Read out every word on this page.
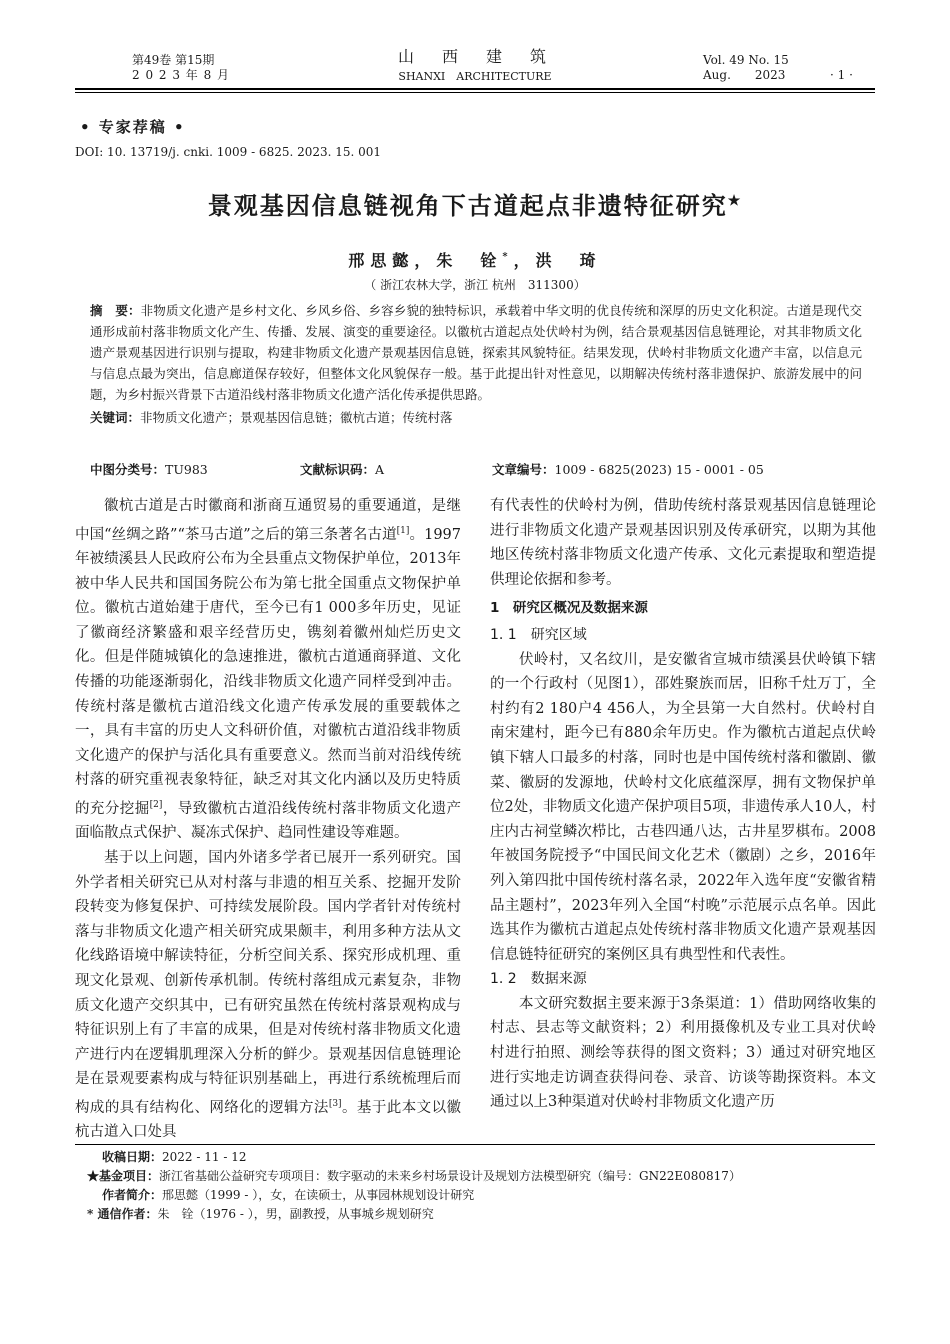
第49卷 第15期
2 0 2 3 年 8 月
山　西　建　筑
SHANXI　ARCHITECTURE
Vol. 49 No. 15
Aug.　　2023	· 1 ·
• 专家荐稿 •
DOI: 10. 13719/j. cnki. 1009 - 6825. 2023. 15. 001
景观基因信息链视角下古道起点非遗特征研究★
邢思懿，朱　铨*，洪　琦
（ 浙江农林大学，浙江 杭州　311300）
摘　要：非物质文化遗产是乡村文化、乡风乡俗、乡容乡貌的独特标识，承载着中华文明的优良传统和深厚的历史文化积淀。古道是现代交通形成前村落非物质文化产生、传播、发展、演变的重要途径。以徽杭古道起点处伏岭村为例，结合景观基因信息链理论，对其非物质文化遗产景观基因进行识别与提取，构建非物质文化遗产景观基因信息链，探索其风貌特征。结果发现，伏岭村非物质文化遗产丰富，以信息元与信息点最为突出，信息廊道保存较好，但整体文化风貌保存一般。基于此提出针对性意见，以期解决传统村落非遗保护、旅游发展中的问题，为乡村振兴背景下古道沿线村落非物质文化遗产活化传承提供思路。
关键词：非物质文化遗产；景观基因信息链；徽杭古道；传统村落
中图分类号：TU983	文献标识码：A	文章编号：1009 - 6825(2023) 15 - 0001 - 05

徽杭古道是古时徽商和浙商互通贸易的重要通道，是继中国“丝绸之路”“茶马古道”之后的第三条著名古道[1]。1997年被绩溪县人民政府公布为全县重点文物保护单位，2013年被中华人民共和国国务院公布为第七批全国重点文物保护单位。徽杭古道始建于唐代，至今已有1 000多年历史，见证了徽商经济繁盛和艰辛经营历史，镌刻着徽州灿烂历史文化。但是伴随城镇化的急速推进，徽杭古道通商驿道、文化传播的功能逐渐弱化，沿线非物质文化遗产同样受到冲击。传统村落是徽杭古道沿线文化遗产传承发展的重要载体之一，具有丰富的历史人文科研价值，对徽杭古道沿线非物质文化遗产的保护与活化具有重要意义。然而当前对沿线传统村落的研究重视表象特征，缺乏对其文化内涵以及历史特质的充分挖掘[2]，导致徽杭古道沿线传统村落非物质文化遗产面临散点式保护、凝冻式保护、趋同性建设等难题。

基于以上问题，国内外诸多学者已展开一系列研究。国外学者相关研究已从对村落与非遗的相互关系、挖掘开发阶段转变为修复保护、可持续发展阶段。国内学者针对传统村落与非物质文化遗产相关研究成果颇丰，利用多种方法从文化线路语境中解读特征，分析空间关系、探究形成机理、重现文化景观、创新传承机制。传统村落组成元素复杂，非物质文化遗产交织其中，已有研究虽然在传统村落景观构成与特征识别上有了丰富的成果，但是对传统村落非物质文化遗产进行内在逻辑肌理深入分析的鲜少。景观基因信息链理论是在景观要素构成与特征识别基础上，再进行系统梳理后而构成的具有结构化、网络化的逻辑方法[3]。基于此本文以徽杭古道入口处具

有代表性的伏岭村为例，借助传统村落景观基因信息链理论进行非物质文化遗产景观基因识别及传承研究，以期为其他地区传统村落非物质文化遗产传承、文化元素提取和塑造提供理论依据和参考。

1　研究区概况及数据来源

1. 1 研究区域

伏岭村，又名纹川，是安徽省宣城市绩溪县伏岭镇下辖的一个行政村（见图1），邵姓聚族而居，旧称千灶万丁，全村约有2 180户4 456人，为全县第一大自然村。伏岭村自南宋建村，距今已有880余年历史。作为徽杭古道起点伏岭镇下辖人口最多的村落，同时也是中国传统村落和徽剧、徽菜、徽厨的发源地，伏岭村文化底蕴深厚，拥有文物保护单位2处，非物质文化遗产保护项目5项，非遗传承人10人，村庄内古祠堂鳞次栉比，古巷四通八达，古井星罗棋布。2008年被国务院授予“中国民间文化艺术（徽剧）之乡，2016年列入第四批中国传统村落名录，2022年入选年度“安徽省精品主题村”，2023年列入全国“村晚”示范展示点名单。因此选其作为徽杭古道起点处传统村落非物质文化遗产景观基因信息链特征研究的案例区具有典型性和代表性。

1. 2 数据来源

本文研究数据主要来源于3条渠道：1）借助网络收集的村志、县志等文献资料；2）利用摄像机及专业工具对伏岭村进行拍照、测绘等获得的图文资料；3）通过对研究地区进行实地走访调查获得问卷、录音、访谈等勘探资料。本文通过以上3种渠道对伏岭村非物质文化遗产历

收稿日期：2022 - 11 - 12
★基金项目：浙江省基础公益研究专项项目：数字驱动的未来乡村场景设计及规划方法模型研究（编号：GN22E080817）
作者简介：邢思懿（1999 - ），女，在读硕士，从事园林规划设计研究
* 通信作者：朱　铨（1976 - ），男，副教授，从事城乡规划研究
